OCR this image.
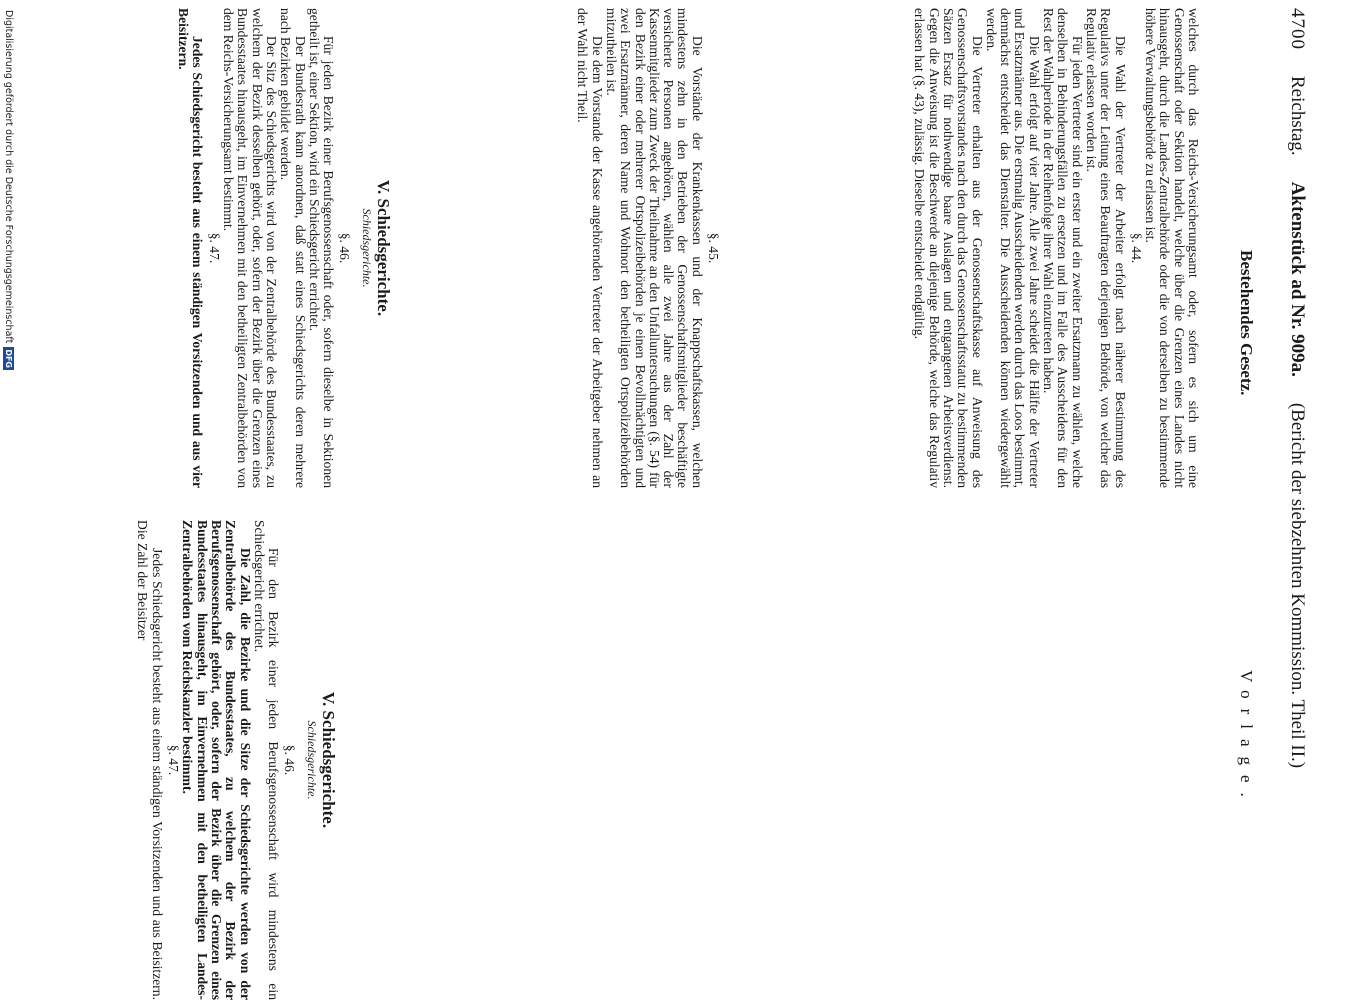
4700
Reichstag.
Aktenstück ad Nr. 909a.
(Bericht der siebzehnten Kommission. Theil II.)
Bestehendes Gesetz.
Vorlage.

welches durch das Reichs-Versicherungsamt oder, sofern es sich um eine Genossenschaft oder Sektion handelt, welche über die Grenzen eines Landes nicht hinausgeht, durch die Landes-Zentralbehörde oder die von derselben zu bestimmende höhere Verwaltungsbehörde zu erlassen ist.

§. 44.

Die Wahl der Vertreter der Arbeiter erfolgt nach näherer Bestimmung des Regulativs unter der Leitung eines Beauftragten derjenigen Behörde, von welcher das Regulativ erlassen worden ist.

Für jeden Vertreter sind ein erster und ein zweiter Ersatzmann zu wählen, welche denselben in Behinderungsfällen zu ersetzen und im Falle des Ausscheidens für den Rest der Wahlperiode in der Reihenfolge ihrer Wahl einzutreten haben.

Die Wahl erfolgt auf vier Jahre. Alle zwei Jahre scheidet die Hälfte der Vertreter und Ersatzmänner aus. Die erstmalig Ausscheidenden werden durch das Loos bestimmt, demnächst entscheidet das Dienstalter. Die Ausscheidenden können wiedergewählt werden.

Die Vertreter erhalten aus der Genossenschaftskasse auf Anweisung des Genossenschaftsvorstandes nach den durch das Genossenschaftsstatut zu bestimmenden Sätzen Ersatz für nothwendige baare Auslagen und entgangenen Arbeitsverdienst. Gegen die Anweisung ist die Beschwerde an diejenige Behörde, welche das Regulativ erlassen hat (§. 43), zulässig. Dieselbe entscheidet endgültig.

§. 45.

Die Vorstände der Krankenkassen und der Knappschaftskassen, welchen mindestens zehn in den Betrieben der Genossenschaftsmitglieder beschäftigte versicherte Personen angehören, wählen alle zwei Jahre aus der Zahl der Kassenmitglieder zum Zweck der Theilnahme an den Unfalluntersuchungen (§. 54) für den Bezirk einer oder mehrerer Ortspolizeibehörden je einen Bevollmächtigten und zwei Ersatzmänner, deren Name und Wohnort den betheiligten Ortspolizeibehörden mitzutheilen ist.

Die dem Vorstande der Kasse angehörenden Vertreter der Arbeitgeber nehmen an der Wahl nicht Theil.

V. Schiedsgerichte.
Schiedsgerichte.
§. 46.

Für jeden Bezirk einer Berufsgenossenschaft oder, sofern dieselbe in Sektionen getheilt ist, einer Sektion, wird ein Schiedsgericht errichtet.

Der Bundesrath kann anordnen, daß statt eines Schiedsgerichts deren mehrere nach Bezirken gebildet werden.

Der Sitz des Schiedsgerichts wird von der Zentralbehörde des Bundesstaates, zu welchem der Bezirk desselben gehört, oder, sofern der Bezirk über die Grenzen eines Bundesstaates hinausgeht, im Einvernehmen mit den betheiligten Zentralbehörden von dem Reichs-Versicherungsamt bestimmt.

§. 47.

Jedes Schiedsgericht besteht aus einem ständigen Vorsitzenden und aus vier Beisitzern.

V. Schiedsgerichte.
Schiedsgerichte.
§. 46.

Für den Bezirk einer jeden Berufsgenossenschaft wird mindestens ein Schiedsgericht errichtet.

Die Zahl, die Bezirke und die Sitze der Schiedsgerichte werden von der Zentralbehörde des Bundesstaates, zu welchem der Bezirk der Berufsgenossenschaft gehört, oder, sofern der Bezirk über die Grenzen eines Bundesstaates hinausgeht, im Einvernehmen mit den betheiligten Landes-Zentralbehörden vom Reichskanzler bestimmt.

§. 47.

Jedes Schiedsgericht besteht aus einem ständigen Vorsitzenden und aus Beisitzern. Die Zahl der Beisitzer

Digitalisierung gefördert durch die Deutsche Forschungsgemeinschaft
DFG
